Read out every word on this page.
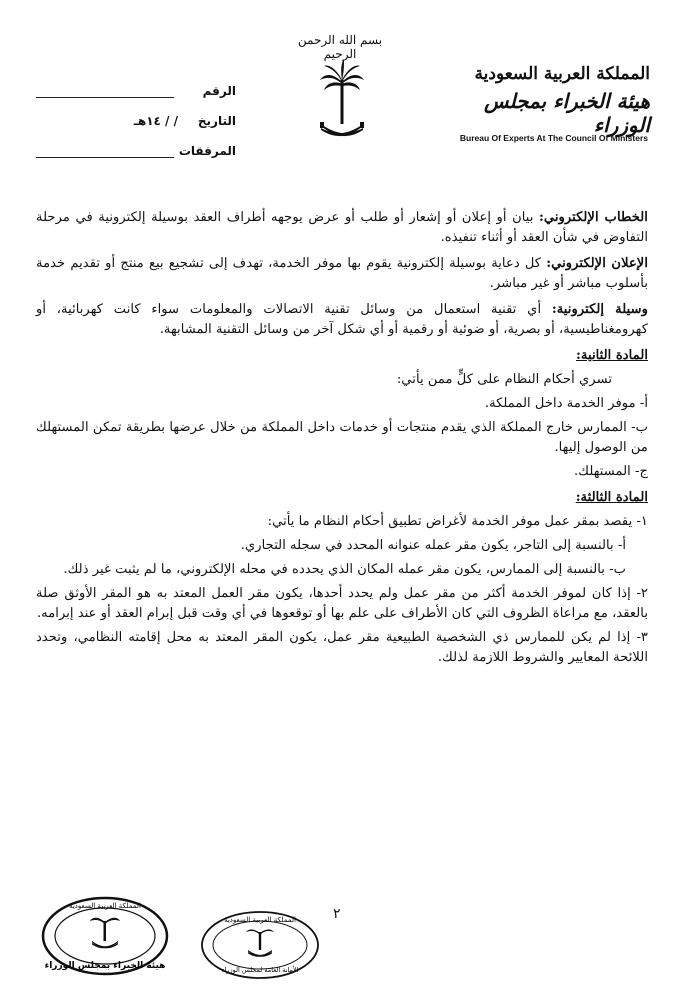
بسم الله الرحمن الرحيم
المملكة العربية السعودية
هيئة الخبراء بمجلس الوزراء
Bureau Of Experts At The Council Of Ministers
الرقم
التاريخ
/ / ١٤هـ
المرفقات

الخطاب الإلكتروني: بيان أو إعلان أو إشعار أو طلب أو عرض يوجهه أطراف العقد بوسيلة إلكترونية في مرحلة التفاوض في شأن العقد أو أثناء تنفيذه.

الإعلان الإلكتروني: كل دعاية بوسيلة إلكترونية يقوم بها موفر الخدمة، تهدف إلى تشجيع بيع منتج أو تقديم خدمة بأسلوب مباشر أو غير مباشر.

وسيلة إلكترونية: أي تقنية استعمال من وسائل تقنية الاتصالات والمعلومات سواء كانت كهربائية، أو كهرومغناطيسية، أو بصرية، أو ضوئية أو رقمية أو أي شكل آخر من وسائل التقنية المشابهة.

المادة الثانية:

تسري أحكام النظام على كلٍّ ممن يأتي:

أ- موفر الخدمة داخل المملكة.

ب- الممارس خارج المملكة الذي يقدم منتجات أو خدمات داخل المملكة من خلال عرضها بطريقة تمكن المستهلك من الوصول إليها.

ج- المستهلك.

المادة الثالثة:

١- يقصد بمقر عمل موفر الخدمة لأغراض تطبيق أحكام النظام ما يأتي:

أ- بالنسبة إلى التاجر، يكون مقر عمله عنوانه المحدد في سجله التجاري.

ب- بالنسبة إلى الممارس، يكون مقر عمله المكان الذي يحدده في محله الإلكتروني، ما لم يثبت غير ذلك.

٢- إذا كان لموفر الخدمة أكثر من مقر عمل ولم يحدد أحدها، يكون مقر العمل المعتد به هو المقر الأوثق صلة بالعقد، مع مراعاة الظروف التي كان الأطراف على علم بها أو توقعوها في أي وقت قبل إبرام العقد أو عند إبرامه.

٣- إذا لم يكن للممارس ذي الشخصية الطبيعية مقر عمل، يكون المقر المعتد به محل إقامته النظامي، وتحدد اللائحة المعايير والشروط اللازمة لذلك.

٢
المملكة العربية السعودية
هيئة الخبراء بمجلس الوزراء
المملكة العربية السعودية
الأمانة العامة لمجلس الوزراء
